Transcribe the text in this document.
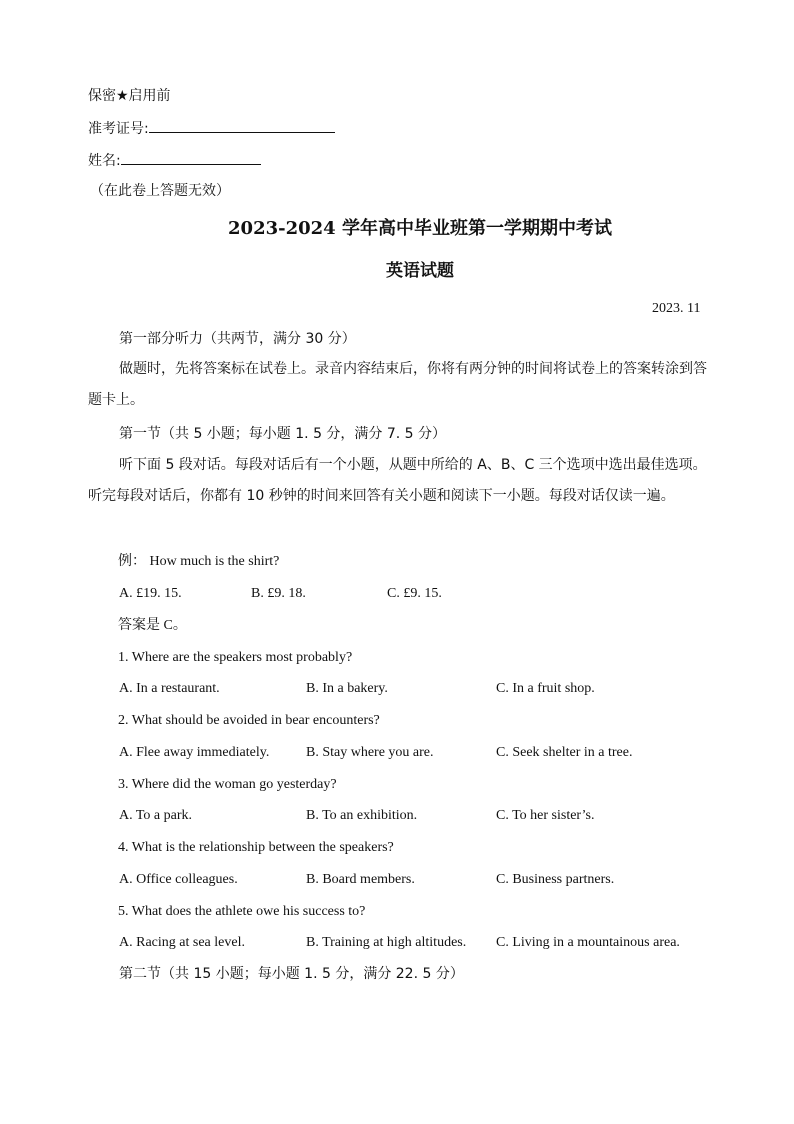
保密★启用前
准考证号:
姓名:
（在此卷上答题无效）
2023-2024 学年高中毕业班第一学期期中考试
英语试题
2023. 11
第一部分听力（共两节，满分 30 分）
做题时，先将答案标在试卷上。录音内容结束后，你将有两分钟的时间将试卷上的答案转涂到答题卡上。
第一节（共 5 小题；每小题 1. 5 分，满分 7. 5 分）
听下面 5 段对话。每段对话后有一个小题，从题中所给的 A、B、C 三个选项中选出最佳选项。听完每段对话后，你都有 10 秒钟的时间来回答有关小题和阅读下一小题。每段对话仅读一遍。
例： How much is the shirt?
A. £19. 15.	B. £9. 18.	C. £9. 15.
答案是 C。
1. Where are the speakers most probably?
A. In a restaurant.	B. In a bakery.	C. In a fruit shop.
2. What should be avoided in bear encounters?
A. Flee away immediately.	B. Stay where you are.	C. Seek shelter in a tree.
3. Where did the woman go yesterday?
A. To a park.	B. To an exhibition.	C. To her sister’s.
4. What is the relationship between the speakers?
A. Office colleagues.	B. Board members.	C. Business partners.
5. What does the athlete owe his success to?
A. Racing at sea level.	B. Training at high altitudes. C. Living in a mountainous area.
第二节（共 15 小题；每小题 1. 5 分，满分 22. 5 分）
